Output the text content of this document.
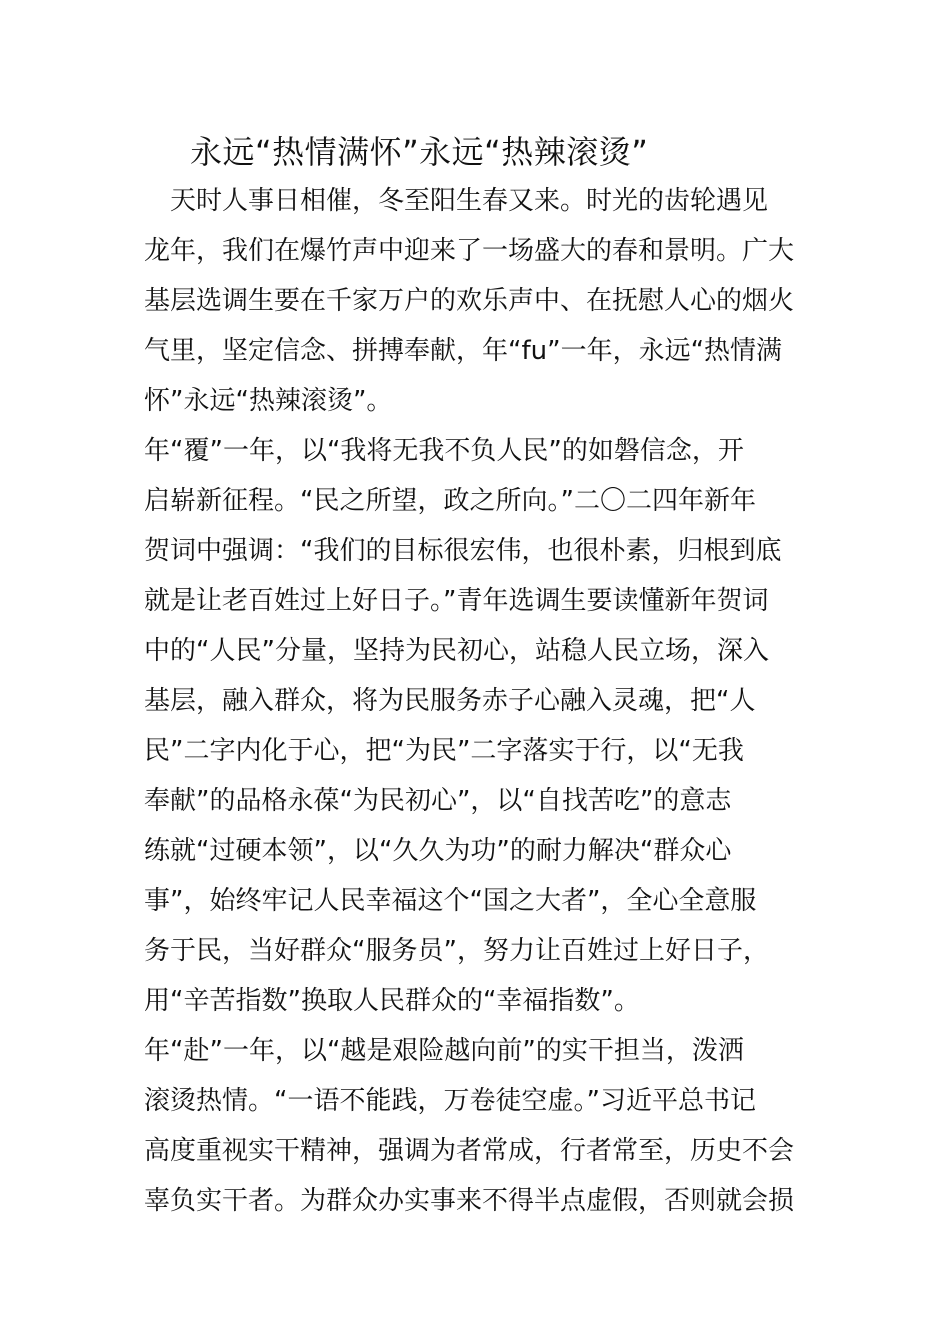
永远“热情满怀”永远“热辣滚烫”
　天时人事日相催，冬至阳生春又来。时光的齿轮遇见
龙年，我们在爆竹声中迎来了一场盛大的春和景明。广大
基层选调生要在千家万户的欢乐声中、在抚慰人心的烟火
气里，坚定信念、拼搏奉献，年“fu”一年，永远“热情满
怀”永远“热辣滚烫”。
年“覆”一年，以“我将无我不负人民”的如磐信念，开
启崭新征程。“民之所望，政之所向。”二〇二四年新年
贺词中强调：“我们的目标很宏伟，也很朴素，归根到底
就是让老百姓过上好日子。”青年选调生要读懂新年贺词
中的“人民”分量，坚持为民初心，站稳人民立场，深入
基层，融入群众，将为民服务赤子心融入灵魂，把“人
民”二字内化于心，把“为民”二字落实于行，以“无我
奉献”的品格永葆“为民初心”，以“自找苦吃”的意志
练就“过硬本领”，以“久久为功”的耐力解决“群众心
事”，始终牢记人民幸福这个“国之大者”，全心全意服
务于民，当好群众“服务员”，努力让百姓过上好日子，
用“辛苦指数”换取人民群众的“幸福指数”。
年“赴”一年，以“越是艰险越向前”的实干担当，泼洒
滚烫热情。“一语不能践，万卷徒空虚。”习近平总书记
高度重视实干精神，强调为者常成，行者常至，历史不会
辜负实干者。为群众办实事来不得半点虚假，否则就会损
